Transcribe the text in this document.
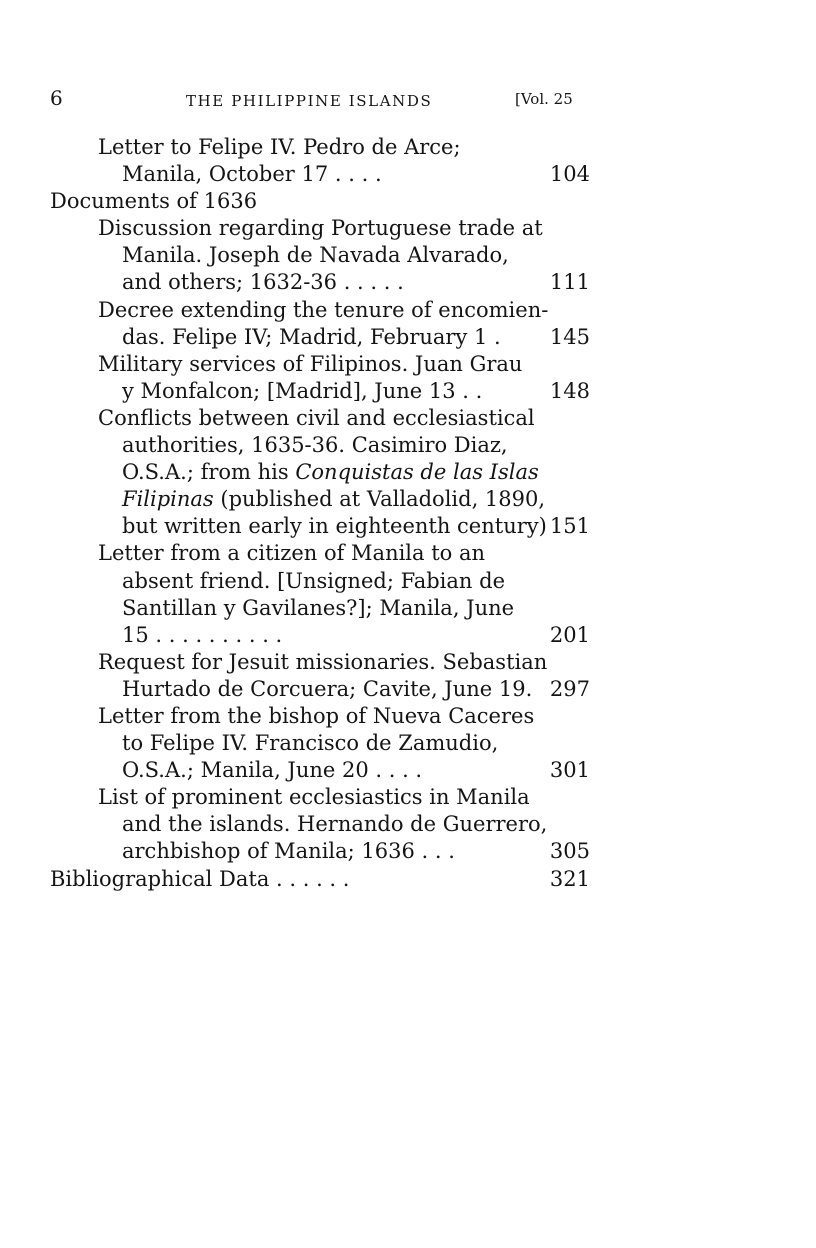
6	THE PHILIPPINE ISLANDS	[Vol. 25
Letter to Felipe IV. Pedro de Arce;
Manila, October 17 . . . .	104
Documents of 1636
Discussion regarding Portuguese trade at
Manila. Joseph de Navada Alvarado,
and others; 1632-36 . . . . .	111
Decree extending the tenure of encomien-
das. Felipe IV; Madrid, February 1 . 145
Military services of Filipinos. Juan Grau
y Monfalcon; [Madrid], June 13 . .	148
Conflicts between civil and ecclesiastical
authorities, 1635-36. Casimiro Diaz,
O.S.A.; from his Conquistas de las Islas
Filipinas (published at Valladolid, 1890,
but written early in eighteenth century) 151
Letter from a citizen of Manila to an
absent friend. [Unsigned; Fabian de
Santillan y Gavilanes?]; Manila, June
15 . . . . . . . . . .	201
Request for Jesuit missionaries. Sebastian
Hurtado de Corcuera; Cavite, June 19. 297
Letter from the bishop of Nueva Caceres
to Felipe IV. Francisco de Zamudio,
O.S.A.; Manila, June 20 . . . .	301
List of prominent ecclesiastics in Manila
and the islands. Hernando de Guerrero,
archbishop of Manila; 1636 . . .	305
Bibliographical Data . . . . . .	321
